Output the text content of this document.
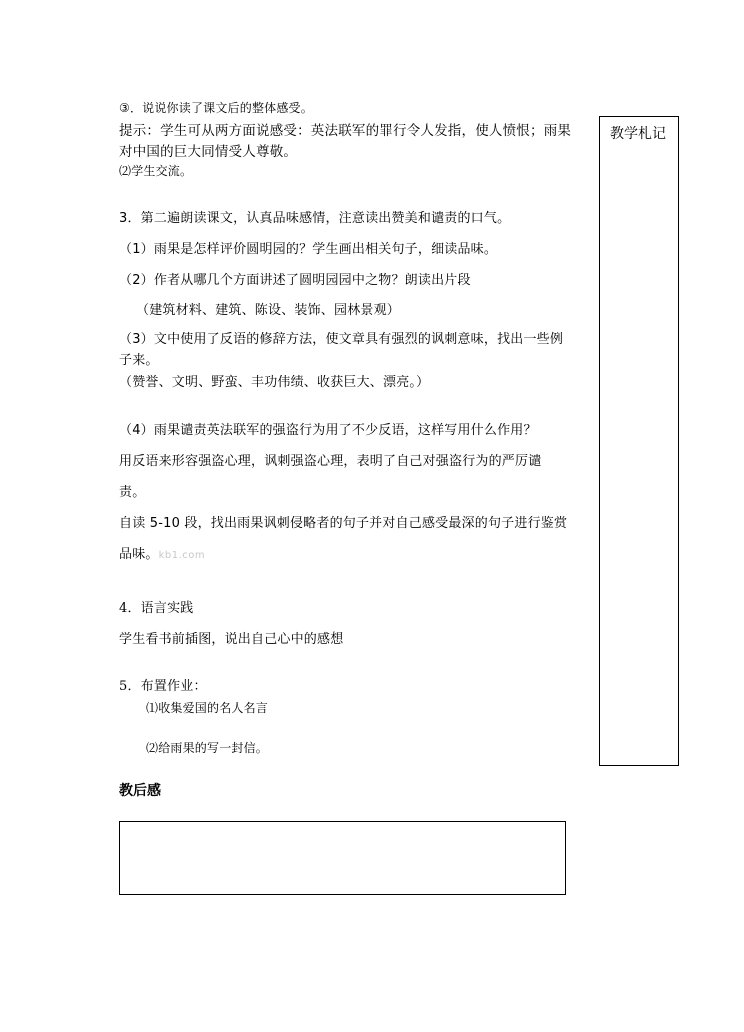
③．说说你读了课文后的整体感受。
提示：学生可从两方面说感受：英法联军的罪行令人发指，使人愤恨；雨果
对中国的巨大同情受人尊敬。
⑵学生交流。
3．第二遍朗读课文，认真品味感情，注意读出赞美和谴责的口气。
（1）雨果是怎样评价圆明园的？学生画出相关句子，细读品味。
（2）作者从哪几个方面讲述了圆明园园中之物？朗读出片段
（建筑材料、建筑、陈设、装饰、园林景观）
（3）文中使用了反语的修辞方法，使文章具有强烈的讽刺意味，找出一些例
子来。
（赞誉、文明、野蛮、丰功伟绩、收获巨大、漂亮。）
（4）雨果谴责英法联军的强盗行为用了不少反语，这样写用什么作用？
用反语来形容强盗心理，讽刺强盗心理，表明了自己对强盗行为的严厉谴
责。
自读 5-10 段，找出雨果讽刺侵略者的句子并对自己感受最深的句子进行鉴赏
品味。kb1.com
4．语言实践
学生看书前插图，说出自己心中的感想
5．布置作业：
⑴收集爱国的名人名言
⑵给雨果的写一封信。
教学札记
教后感
